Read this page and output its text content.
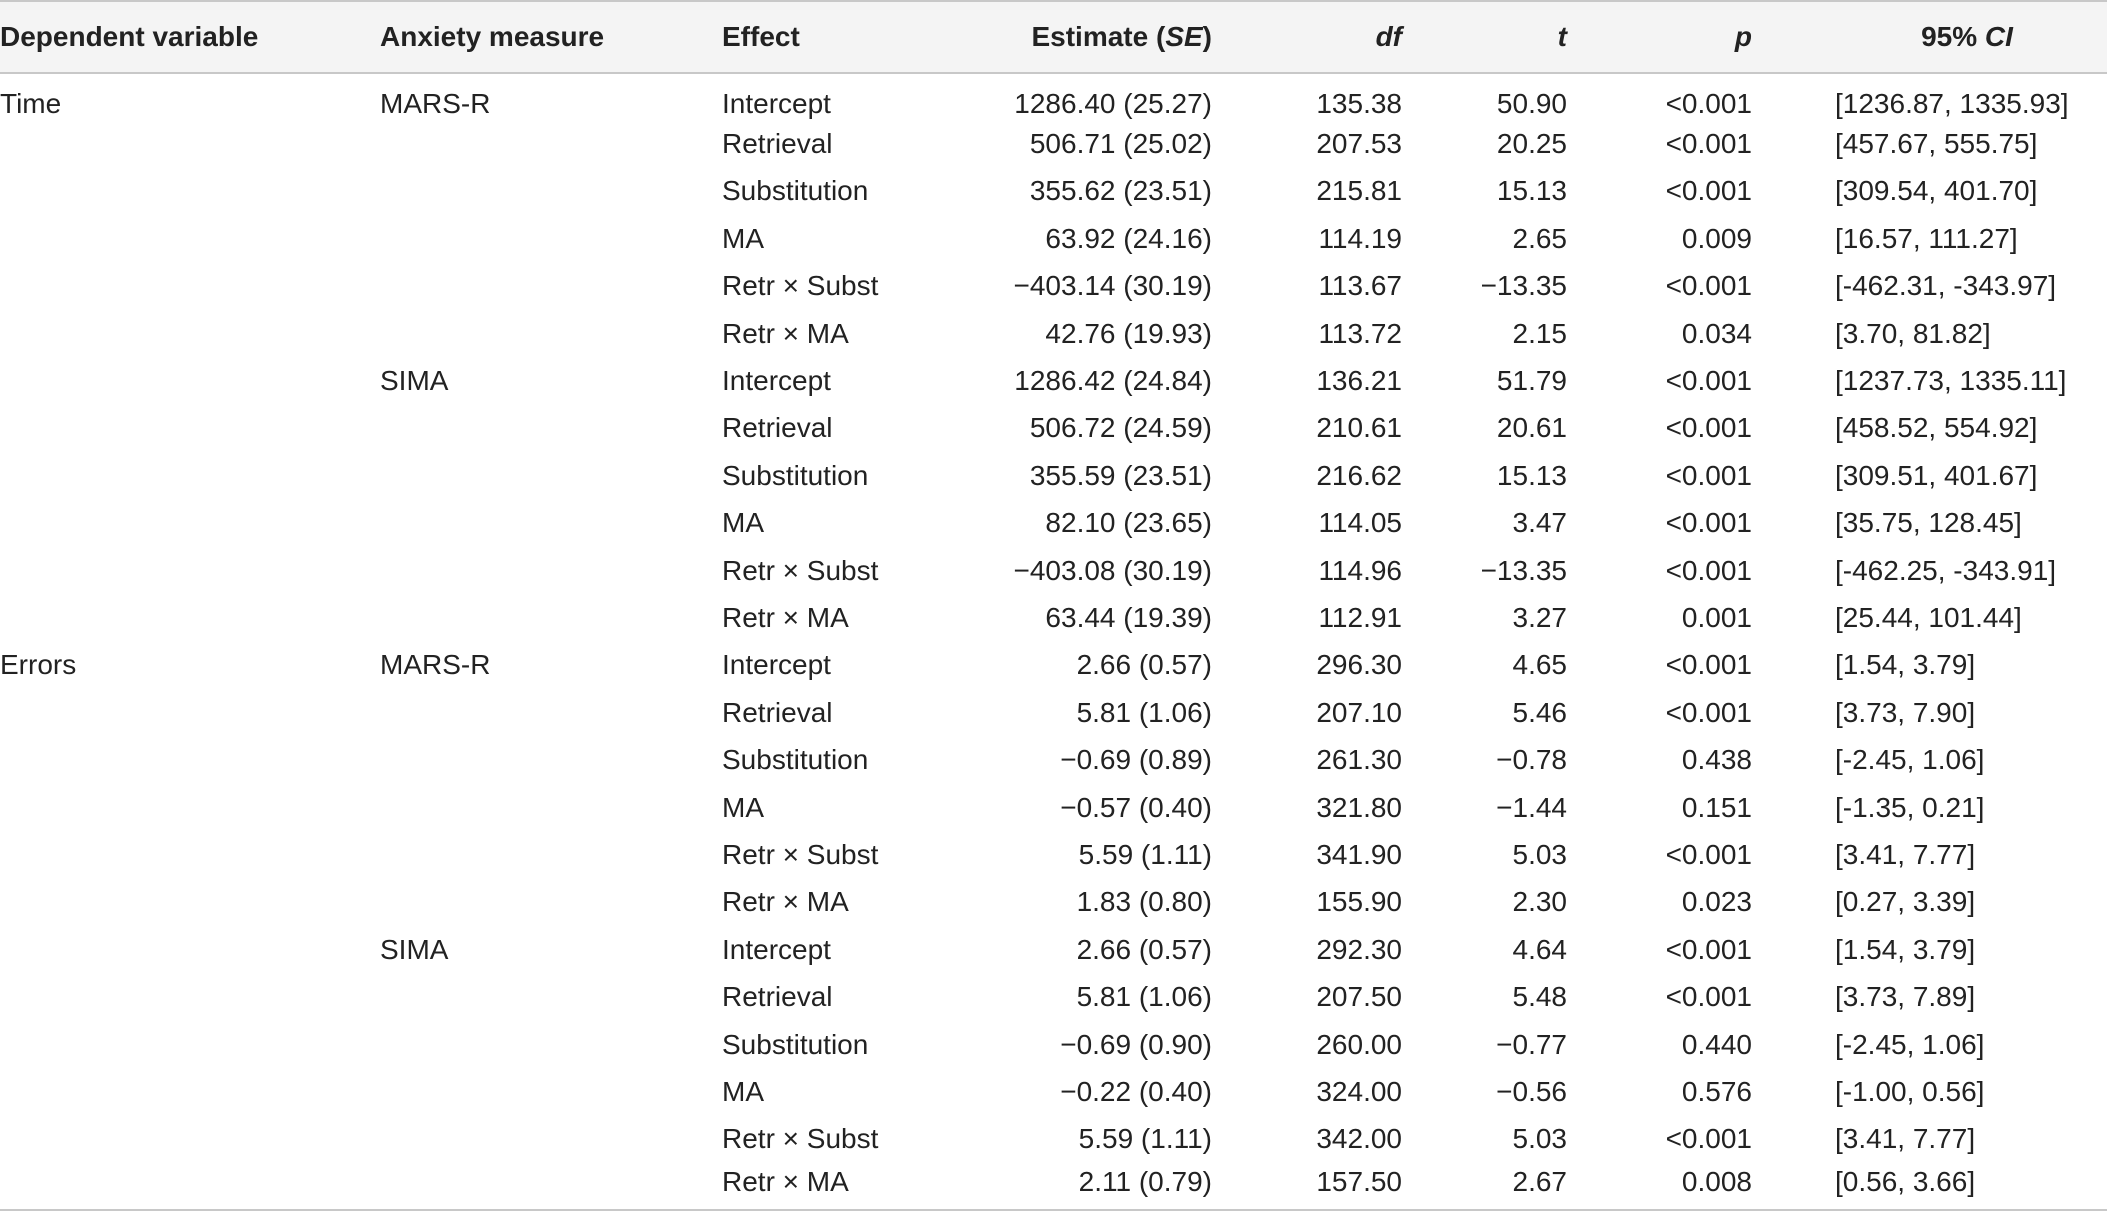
Dependent variable	Anxiety measure	Effect	Estimate (SE)	df	t	p	95% CI
Time	MARS-R	Intercept	1286.40 (25.27)	135.38	50.90	<0.001	[1236.87, 1335.93]
		Retrieval	506.71 (25.02)	207.53	20.25	<0.001	[457.67, 555.75]
		Substitution	355.62 (23.51)	215.81	15.13	<0.001	[309.54, 401.70]
		MA	63.92 (24.16)	114.19	2.65	0.009	[16.57, 111.27]
		Retr × Subst	−403.14 (30.19)	113.67	−13.35	<0.001	[-462.31, -343.97]
		Retr × MA	42.76 (19.93)	113.72	2.15	0.034	[3.70, 81.82]
	SIMA	Intercept	1286.42 (24.84)	136.21	51.79	<0.001	[1237.73, 1335.11]
		Retrieval	506.72 (24.59)	210.61	20.61	<0.001	[458.52, 554.92]
		Substitution	355.59 (23.51)	216.62	15.13	<0.001	[309.51, 401.67]
		MA	82.10 (23.65)	114.05	3.47	<0.001	[35.75, 128.45]
		Retr × Subst	−403.08 (30.19)	114.96	−13.35	<0.001	[-462.25, -343.91]
		Retr × MA	63.44 (19.39)	112.91	3.27	0.001	[25.44, 101.44]
Errors	MARS-R	Intercept	2.66 (0.57)	296.30	4.65	<0.001	[1.54, 3.79]
		Retrieval	5.81 (1.06)	207.10	5.46	<0.001	[3.73, 7.90]
		Substitution	−0.69 (0.89)	261.30	−0.78	0.438	[-2.45, 1.06]
		MA	−0.57 (0.40)	321.80	−1.44	0.151	[-1.35, 0.21]
		Retr × Subst	5.59 (1.11)	341.90	5.03	<0.001	[3.41, 7.77]
		Retr × MA	1.83 (0.80)	155.90	2.30	0.023	[0.27, 3.39]
	SIMA	Intercept	2.66 (0.57)	292.30	4.64	<0.001	[1.54, 3.79]
		Retrieval	5.81 (1.06)	207.50	5.48	<0.001	[3.73, 7.89]
		Substitution	−0.69 (0.90)	260.00	−0.77	0.440	[-2.45, 1.06]
		MA	−0.22 (0.40)	324.00	−0.56	0.576	[-1.00, 0.56]
		Retr × Subst	5.59 (1.11)	342.00	5.03	<0.001	[3.41, 7.77]
		Retr × MA	2.11 (0.79)	157.50	2.67	0.008	[0.56, 3.66]
